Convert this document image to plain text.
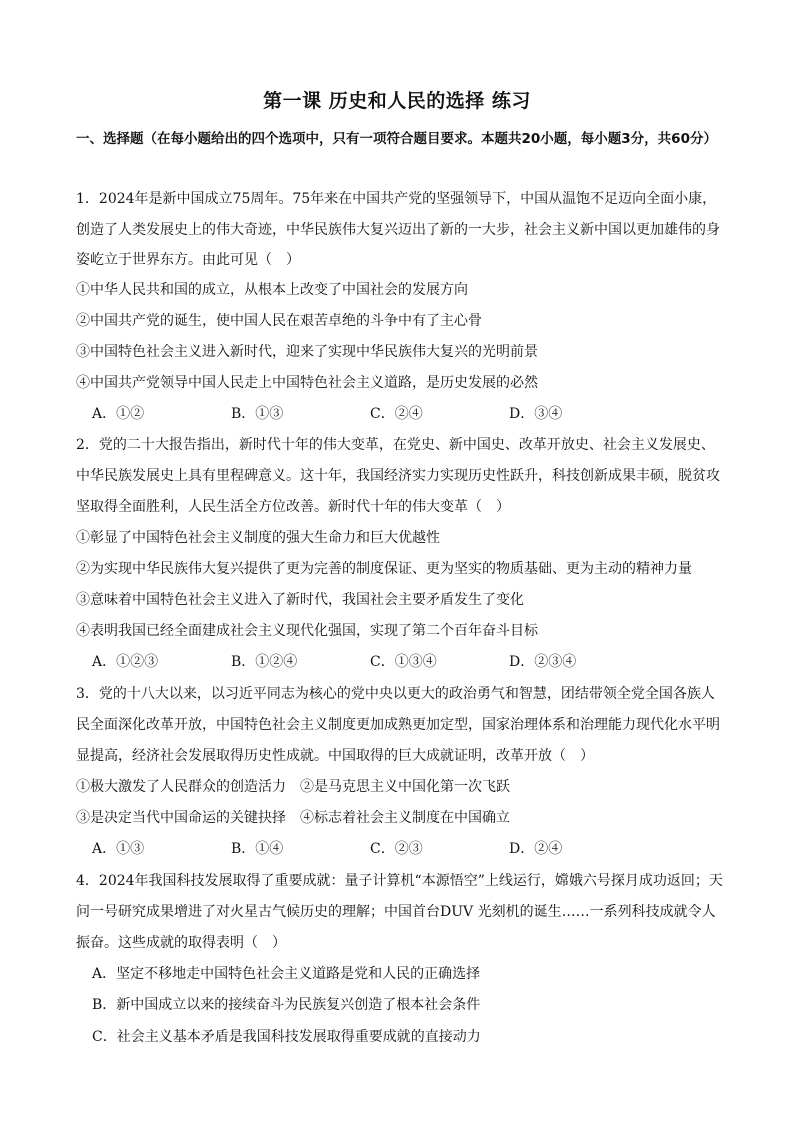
第一课 历史和人民的选择 练习
一、选择题（在每小题给出的四个选项中，只有一项符合题目要求。本题共20小题，每小题3分，共60分）
1．2024年是新中国成立75周年。75年来在中国共产党的坚强领导下，中国从温饱不足迈向全面小康，
创造了人类发展史上的伟大奇迹，中华民族伟大复兴迈出了新的一大步，社会主义新中国以更加雄伟的身
姿屹立于世界东方。由此可见（　）
①中华人民共和国的成立，从根本上改变了中国社会的发展方向
②中国共产党的诞生，使中国人民在艰苦卓绝的斗争中有了主心骨
③中国特色社会主义进入新时代，迎来了实现中华民族伟大复兴的光明前景
④中国共产党领导中国人民走上中国特色社会主义道路，是历史发展的必然
A．①②	B．①③	C．②④	D．③④
2．党的二十大报告指出，新时代十年的伟大变革，在党史、新中国史、改革开放史、社会主义发展史、
中华民族发展史上具有里程碑意义。这十年，我国经济实力实现历史性跃升，科技创新成果丰硕，脱贫攻
坚取得全面胜利，人民生活全方位改善。新时代十年的伟大变革（　）
①彰显了中国特色社会主义制度的强大生命力和巨大优越性
②为实现中华民族伟大复兴提供了更为完善的制度保证、更为坚实的物质基础、更为主动的精神力量
③意味着中国特色社会主义进入了新时代，我国社会主要矛盾发生了变化
④表明我国已经全面建成社会主义现代化强国，实现了第二个百年奋斗目标
A．①②③	B．①②④	C．①③④	D．②③④
3．党的十八大以来，以习近平同志为核心的党中央以更大的政治勇气和智慧，团结带领全党全国各族人
民全面深化改革开放，中国特色社会主义制度更加成熟更加定型，国家治理体系和治理能力现代化水平明
显提高，经济社会发展取得历史性成就。中国取得的巨大成就证明，改革开放（　）
①极大激发了人民群众的创造活力　②是马克思主义中国化第一次飞跃
③是决定当代中国命运的关键抉择　④标志着社会主义制度在中国确立
A．①③	B．①④	C．②③	D．②④
4．2024年我国科技发展取得了重要成就：量子计算机“本源悟空”上线运行，嫦娥六号探月成功返回；天
问一号研究成果增进了对火星古气候历史的理解；中国首台DUV 光刻机的诞生……一系列科技成就令人
振奋。这些成就的取得表明（　）
A．坚定不移地走中国特色社会主义道路是党和人民的正确选择
B．新中国成立以来的接续奋斗为民族复兴创造了根本社会条件
C．社会主义基本矛盾是我国科技发展取得重要成就的直接动力
